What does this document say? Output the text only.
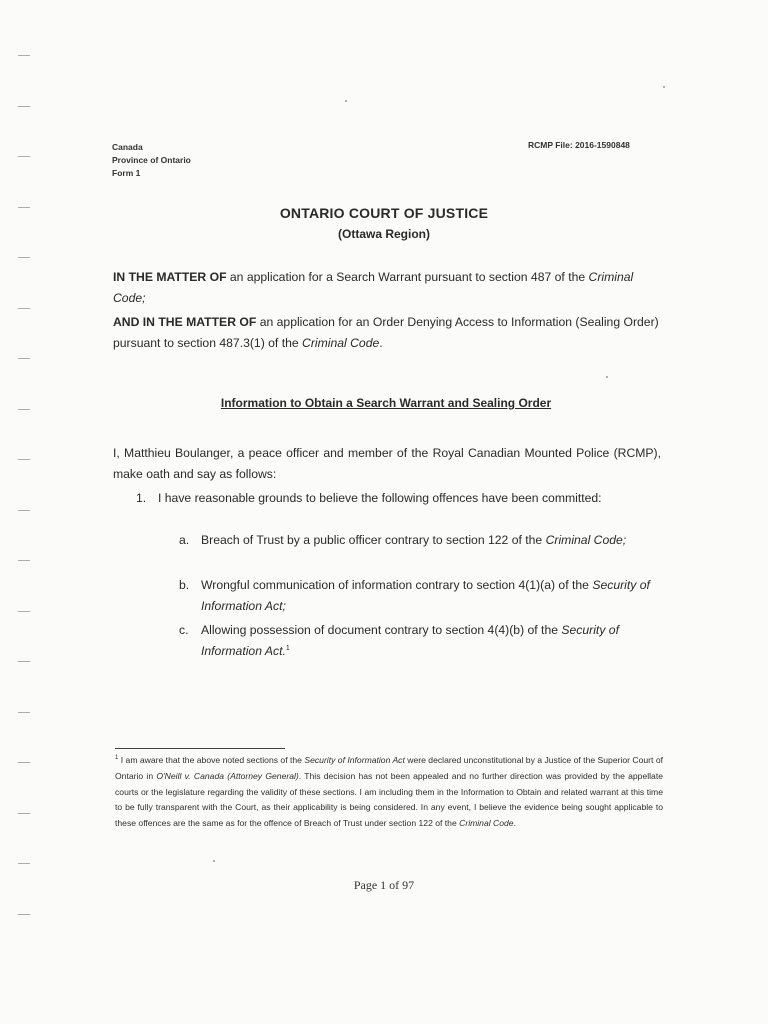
Canada
Province of Ontario
Form 1
RCMP File: 2016-1590848
ONTARIO COURT OF JUSTICE
(Ottawa Region)
IN THE MATTER OF an application for a Search Warrant pursuant to section 487 of the Criminal Code;
AND IN THE MATTER OF an application for an Order Denying Access to Information (Sealing Order) pursuant to section 487.3(1) of the Criminal Code.
Information to Obtain a Search Warrant and Sealing Order
I, Matthieu Boulanger, a peace officer and member of the Royal Canadian Mounted Police (RCMP), make oath and say as follows:
1. I have reasonable grounds to believe the following offences have been committed:
a. Breach of Trust by a public officer contrary to section 122 of the Criminal Code;
b. Wrongful communication of information contrary to section 4(1)(a) of the Security of Information Act;
c. Allowing possession of document contrary to section 4(4)(b) of the Security of Information Act.$^1$
$^1$ I am aware that the above noted sections of the Security of Information Act were declared unconstitutional by a Justice of the Superior Court of Ontario in O'Neill v. Canada (Attorney General). This decision has not been appealed and no further direction was provided by the appellate courts or the legislature regarding the validity of these sections. I am including them in the Information to Obtain and related warrant at this time to be fully transparent with the Court, as their applicability is being considered. In any event, I believe the evidence being sought applicable to these offences are the same as for the offence of Breach of Trust under section 122 of the Criminal Code.
Page 1 of 97
